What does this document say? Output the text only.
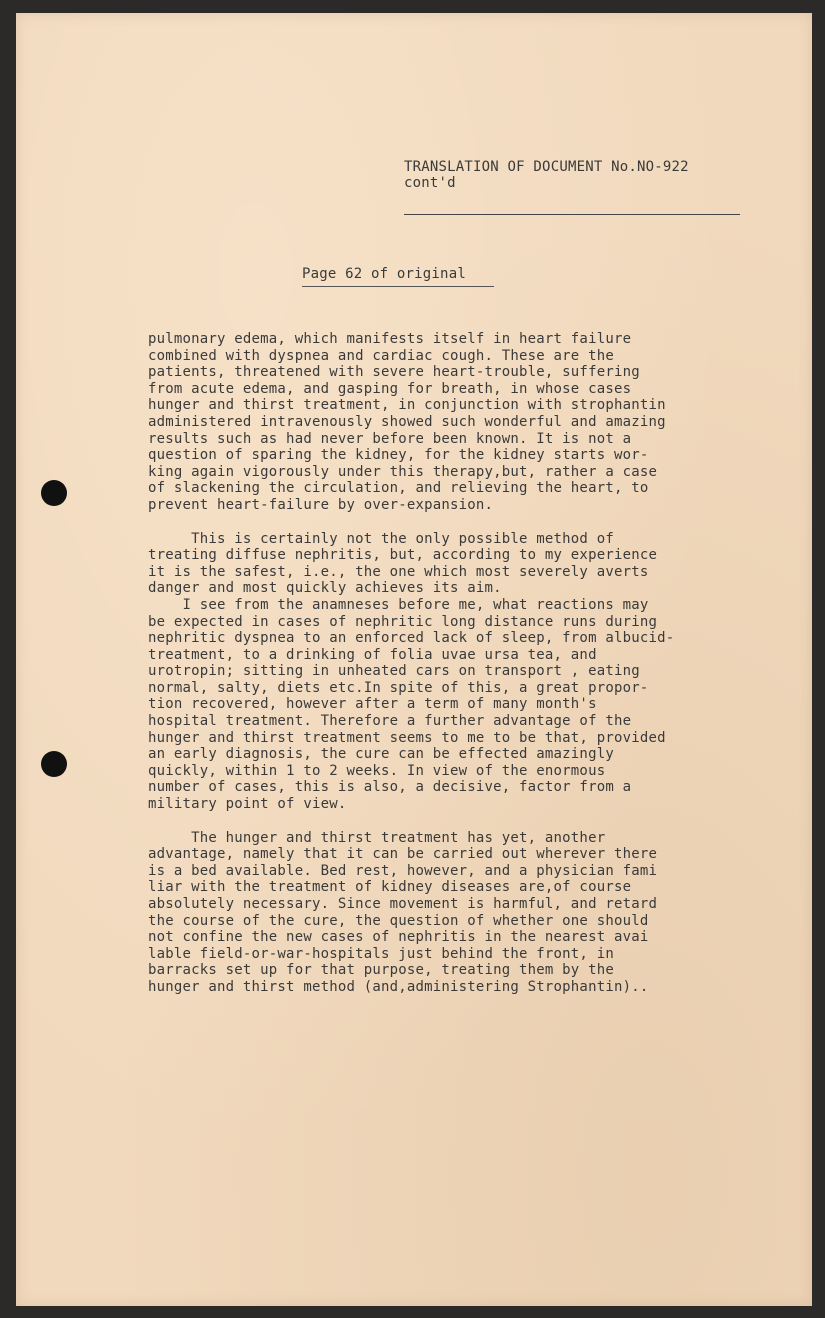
TRANSLATION OF DOCUMENT No.NO-922
cont'd
Page 62 of original

pulmonary edema, which manifests itself in heart failure

combined with dyspnea and cardiac cough. These are the

patients, threatened with severe heart-trouble, suffering

from acute edema, and gasping for breath, in whose cases

hunger and thirst treatment, in conjunction with strophantin

administered intravenously showed such wonderful and amazing

results such as had never before been known. It is not a

question of sparing the kidney, for the kidney starts wor-

king again vigorously under this therapy,but, rather a case

of slackening the circulation, and relieving the heart, to

prevent heart-failure by over-expansion.

This is certainly not the only possible method of

treating diffuse nephritis, but, according to my experience

it is the safest, i.e., the one which most severely averts

danger and most quickly achieves its aim.

I see from the anamneses before me, what reactions may

be expected in cases of nephritic long distance runs during

nephritic dyspnea to an enforced lack of sleep, from albucid-

treatment, to a drinking of folia uvae ursa tea, and

urotropin; sitting in unheated cars on transport , eating

normal, salty, diets etc.In spite of this, a great propor-

tion recovered, however after a term of many month's

hospital treatment. Therefore a further advantage of the

hunger and thirst treatment seems to me to be that, provided

an early diagnosis, the cure can be effected amazingly

quickly, within 1 to 2 weeks. In view of the enormous

number of cases, this is also, a decisive, factor from a

military point of view.

The hunger and thirst treatment has yet, another

advantage, namely that it can be carried out wherever there

is a bed available. Bed rest, however, and a physician fami

liar with the treatment of kidney diseases are,of course

absolutely necessary. Since movement is harmful, and retard

the course of the cure, the question of whether one should

not confine the new cases of nephritis in the nearest avai

lable field-or-war-hospitals just behind the front, in

barracks set up for that purpose, treating them by the

hunger and thirst method (and,administering Strophantin)..
